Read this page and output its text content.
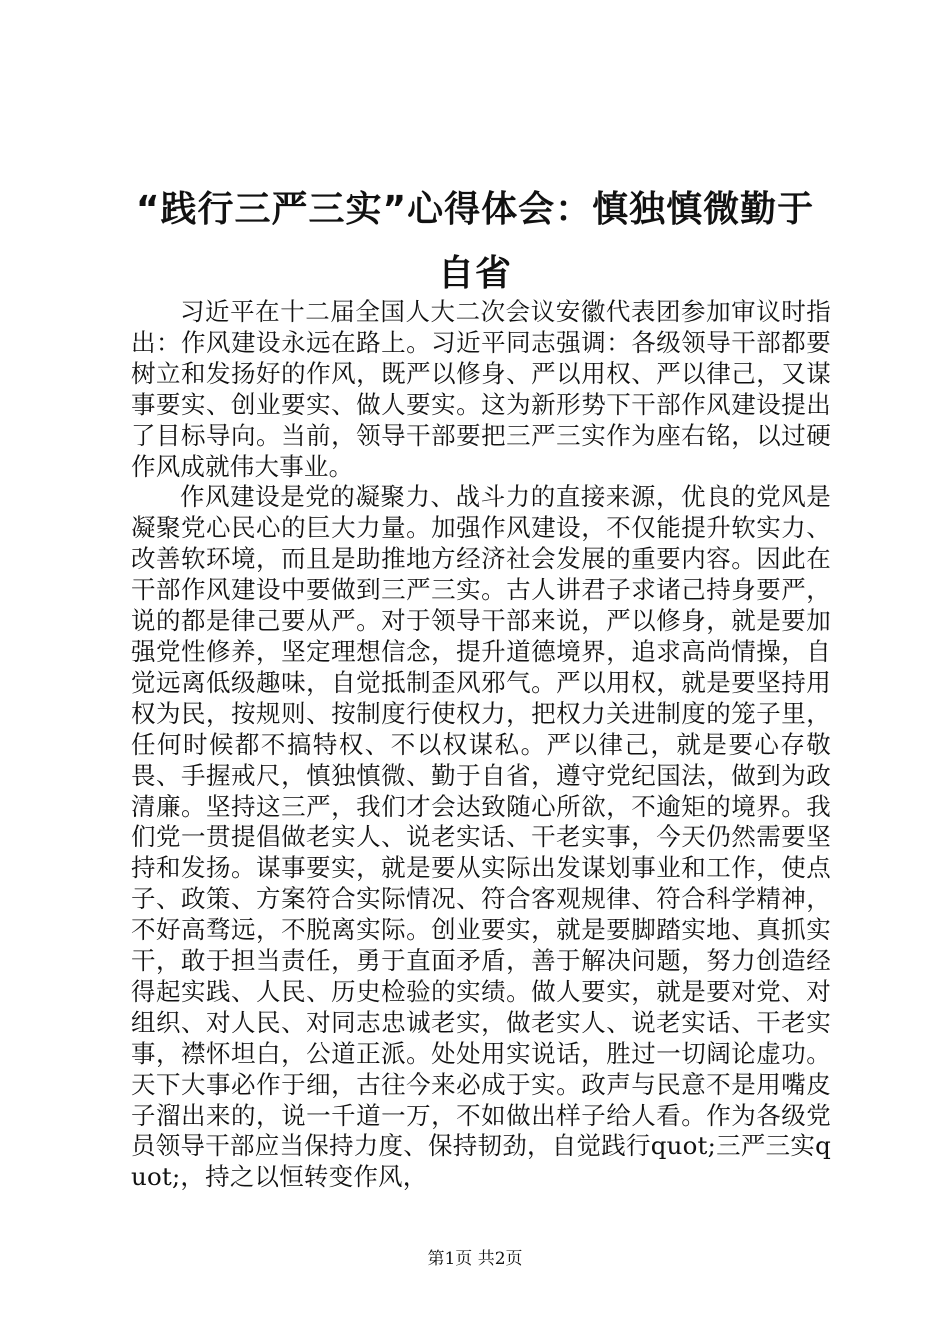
“践行三严三实”心得体会：慎独慎微勤于自省

习近平在十二届全国人大二次会议安徽代表团参加审议时指出：作风建设永远在路上。习近平同志强调：各级领导干部都要树立和发扬好的作风，既严以修身、严以用权、严以律己，又谋事要实、创业要实、做人要实。这为新形势下干部作风建设提出了目标导向。当前，领导干部要把三严三实作为座右铭，以过硬作风成就伟大事业。

作风建设是党的凝聚力、战斗力的直接来源，优良的党风是凝聚党心民心的巨大力量。加强作风建设，不仅能提升软实力、改善软环境，而且是助推地方经济社会发展的重要内容。因此在干部作风建设中要做到三严三实。古人讲君子求诸己持身要严，说的都是律己要从严。对于领导干部来说，严以修身，就是要加强党性修养，坚定理想信念，提升道德境界，追求高尚情操，自觉远离低级趣味，自觉抵制歪风邪气。严以用权，就是要坚持用权为民，按规则、按制度行使权力，把权力关进制度的笼子里，任何时候都不搞特权、不以权谋私。严以律己，就是要心存敬畏、手握戒尺，慎独慎微、勤于自省，遵守党纪国法，做到为政清廉。坚持这三严，我们才会达致随心所欲，不逾矩的境界。我们党一贯提倡做老实人、说老实话、干老实事，今天仍然需要坚持和发扬。谋事要实，就是要从实际出发谋划事业和工作，使点子、政策、方案符合实际情况、符合客观规律、符合科学精神，不好高骛远，不脱离实际。创业要实，就是要脚踏实地、真抓实干，敢于担当责任，勇于直面矛盾，善于解决问题，努力创造经得起实践、人民、历史检验的实绩。做人要实，就是要对党、对组织、对人民、对同志忠诚老实，做老实人、说老实话、干老实事，襟怀坦白，公道正派。处处用实说话，胜过一切阔论虚功。天下大事必作于细，古往今来必成于实。政声与民意不是用嘴皮子溜出来的，说一千道一万，不如做出样子给人看。作为各级党员领导干部应当保持力度、保持韧劲，自觉践行quot;三严三实quot;，持之以恒转变作风，

第1页 共2页
